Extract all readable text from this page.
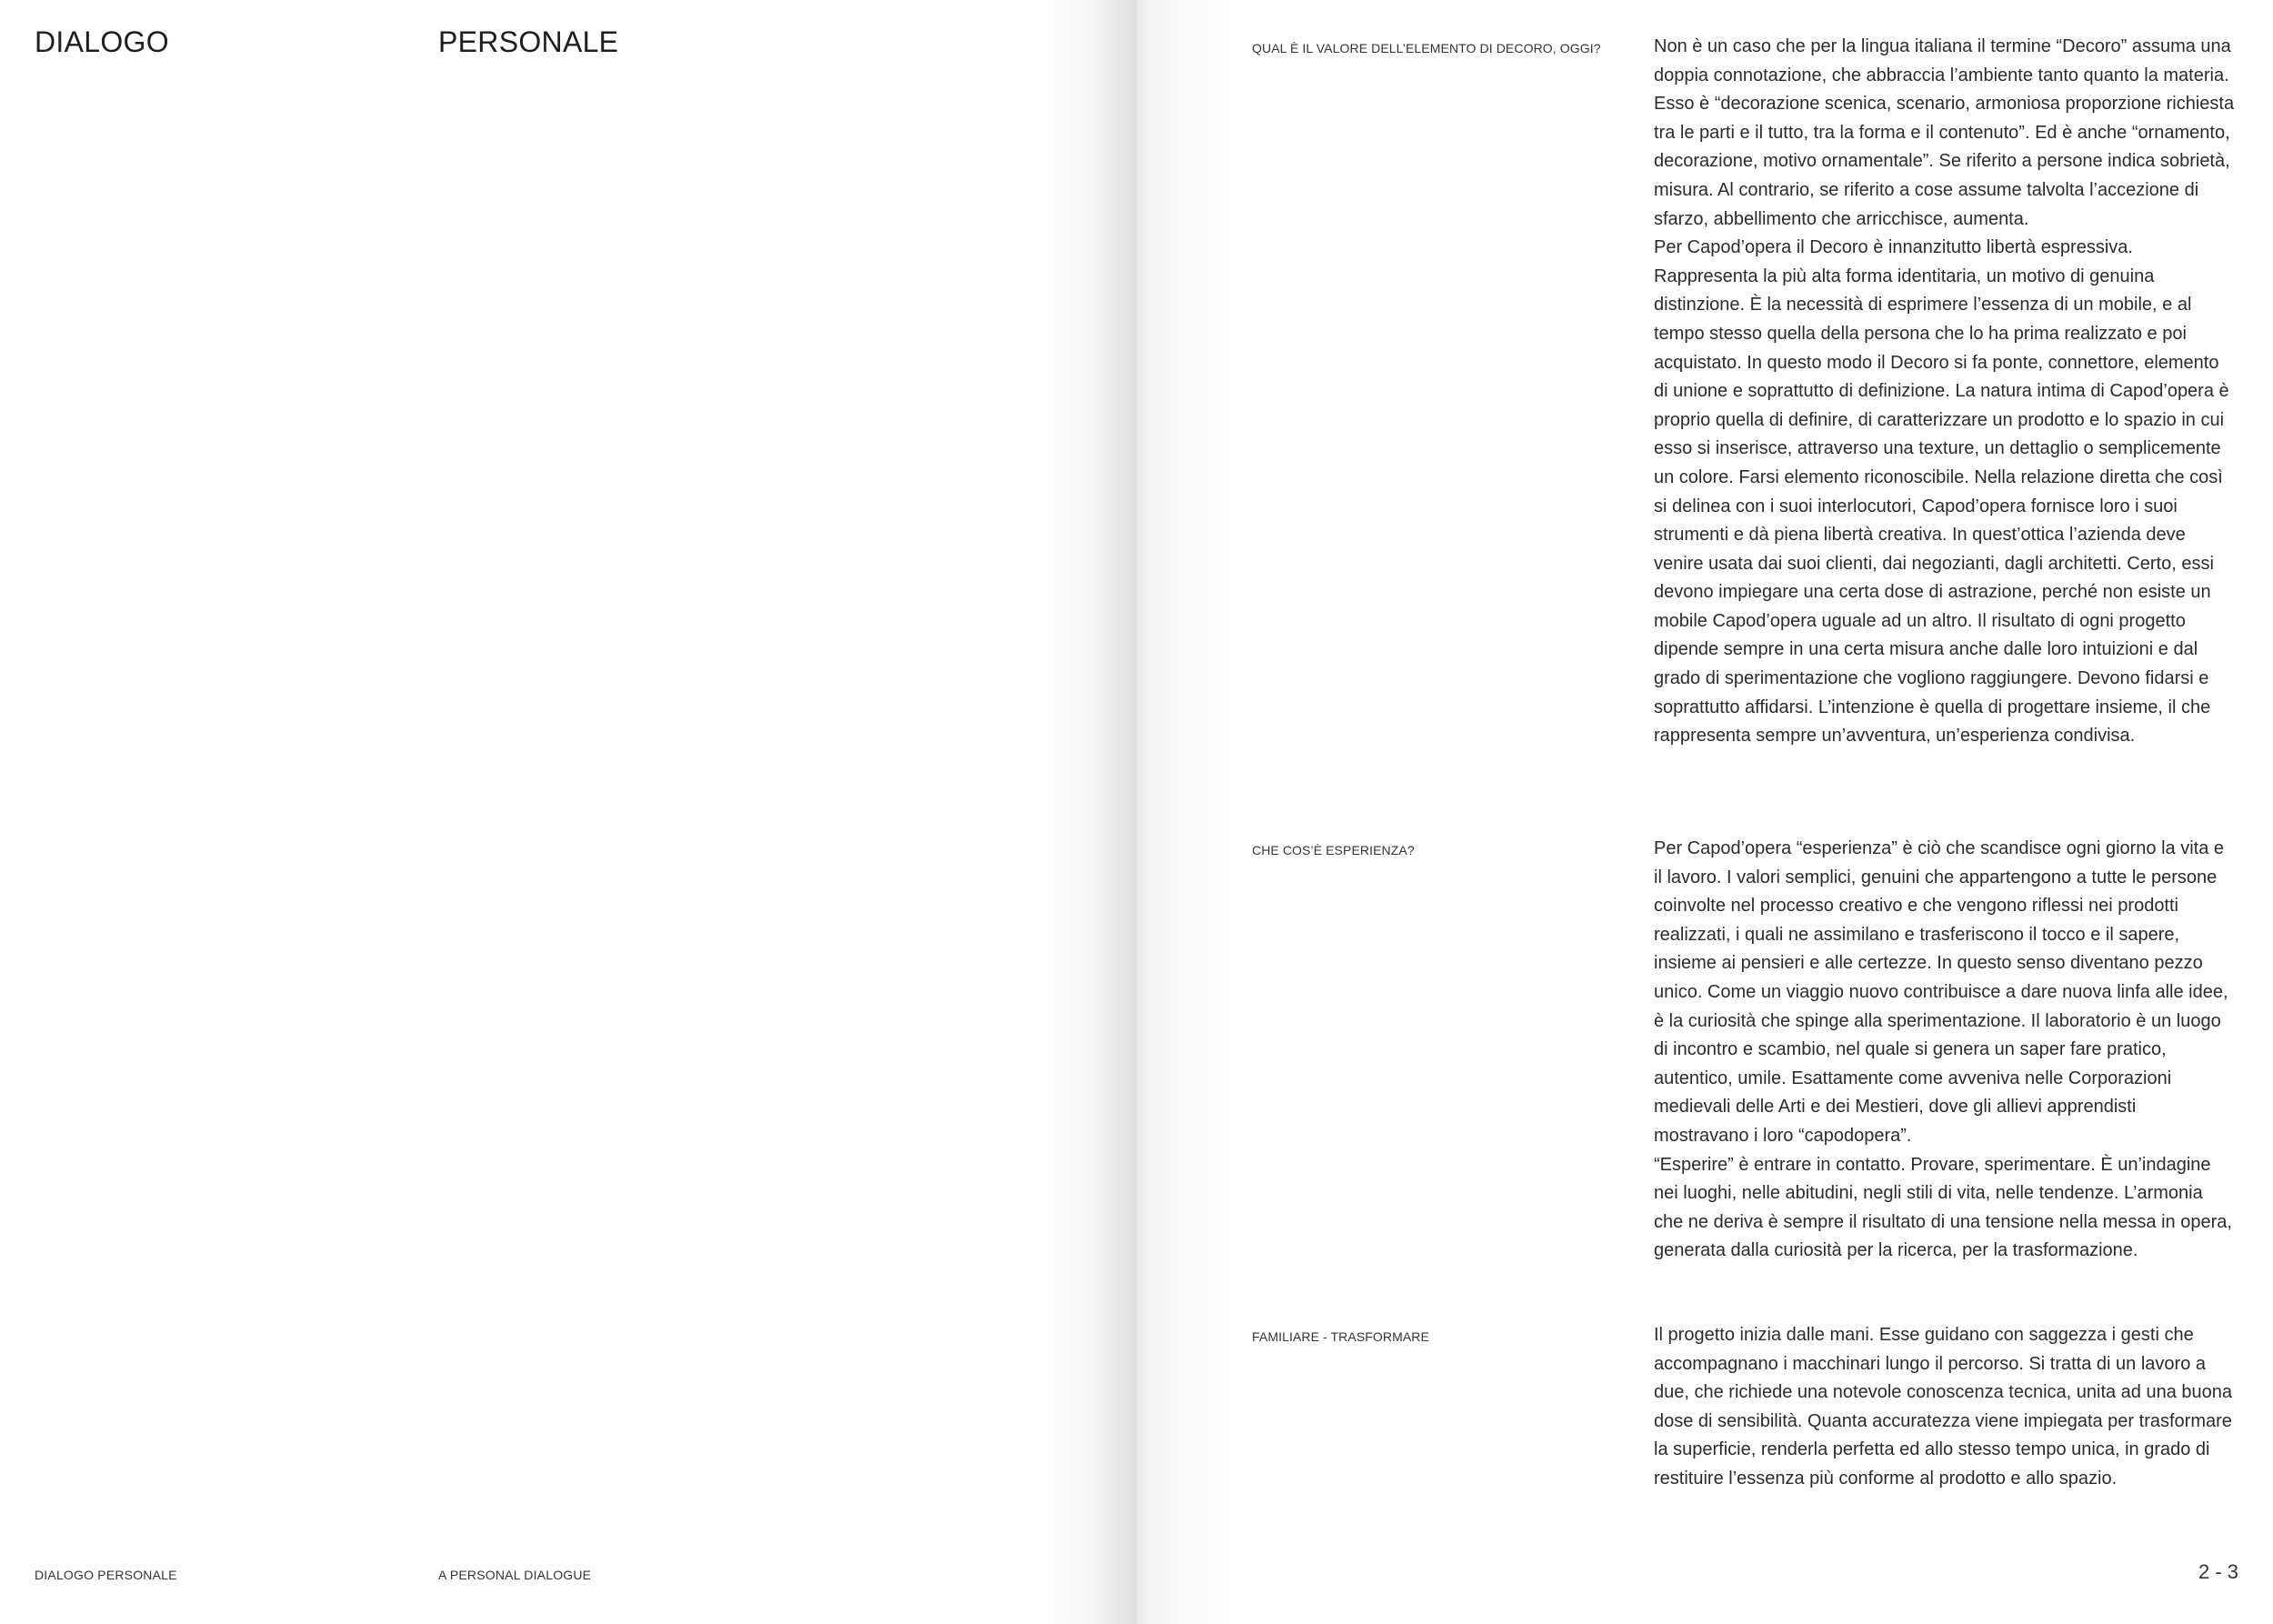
DIALOGO	PERSONALE
DIALOGO PERSONALE	A PERSONAL DIALOGUE
QUAL È IL VALORE DELL’ELEMENTO DI DECORO, OGGI?	Non è un caso che per la lingua italiana il termine “Decoro” assuma una doppia connotazione, che abbraccia l’ambiente tanto quanto la materia. Esso è “decorazione scenica, scenario, armoniosa proporzione richiesta tra le parti e il tutto, tra la forma e il contenuto”. Ed è anche “ornamento, decorazione, motivo ornamentale”. Se riferito a persone indica sobrietà, misura. Al contrario, se riferito a cose assume talvolta l’accezione di sfarzo, abbellimento che arricchisce, aumenta.

Per Capod’opera il Decoro è innanzitutto libertà espressiva. Rappresenta la più alta forma identitaria, un motivo di genuina distinzione. È la necessità di esprimere l’essenza di un mobile, e al tempo stesso quella della persona che lo ha prima realizzato e poi acquistato. In questo modo il Decoro si fa ponte, connettore, elemento di unione e soprattutto di definizione. La natura intima di Capod’opera è proprio quella di definire, di caratterizzare un prodotto e lo spazio in cui esso si inserisce, attraverso una texture, un dettaglio o semplicemente un colore. Farsi elemento riconoscibile. Nella relazione diretta che così si delinea con i suoi interlocutori, Capod’opera fornisce loro i suoi strumenti e dà piena libertà creativa. In quest’ottica l’azienda deve venire usata dai suoi clienti, dai negozianti, dagli architetti. Certo, essi devono impiegare una certa dose di astrazione, perché non esiste un mobile Capod’opera uguale ad un altro. Il risultato di ogni progetto dipende sempre in una certa misura anche dalle loro intuizioni e dal grado di sperimentazione che vogliono raggiungere. Devono fidarsi e soprattutto affidarsi. L’intenzione è quella di progettare insieme, il che rappresenta sempre un’avventura, un’esperienza condivisa.

CHE COS’È ESPERIENZA?	Per Capod’opera “esperienza” è ciò che scandisce ogni giorno la vita e il lavoro. I valori semplici, genuini che appartengono a tutte le persone coinvolte nel processo creativo e che vengono riflessi nei prodotti realizzati, i quali ne assimilano e trasferiscono il tocco e il sapere, insieme ai pensieri e alle certezze. In questo senso diventano pezzo unico. Come un viaggio nuovo contribuisce a dare nuova linfa alle idee, è la curiosità che spinge alla sperimentazione. Il laboratorio è un luogo di incontro e scambio, nel quale si genera un saper fare pratico, autentico, umile. Esattamente come avveniva nelle Corporazioni medievali delle Arti e dei Mestieri, dove gli allievi apprendisti mostravano i loro “capodopera”.

“Esperire” è entrare in contatto. Provare, sperimentare. È un’indagine nei luoghi, nelle abitudini, negli stili di vita, nelle tendenze. L’armonia che ne deriva è sempre il risultato di una tensione nella messa in opera, generata dalla curiosità per la ricerca, per la trasformazione.

FAMILIARE - TRASFORMARE	Il progetto inizia dalle mani. Esse guidano con saggezza i gesti che accompagnano i macchinari lungo il percorso. Si tratta di un lavoro a due, che richiede una notevole conoscenza tecnica, unita ad una buona dose di sensibilità. Quanta accuratezza viene impiegata per trasformare la superficie, renderla perfetta ed allo stesso tempo unica, in grado di restituire l’essenza più conforme al prodotto e allo spazio.

2 - 3
